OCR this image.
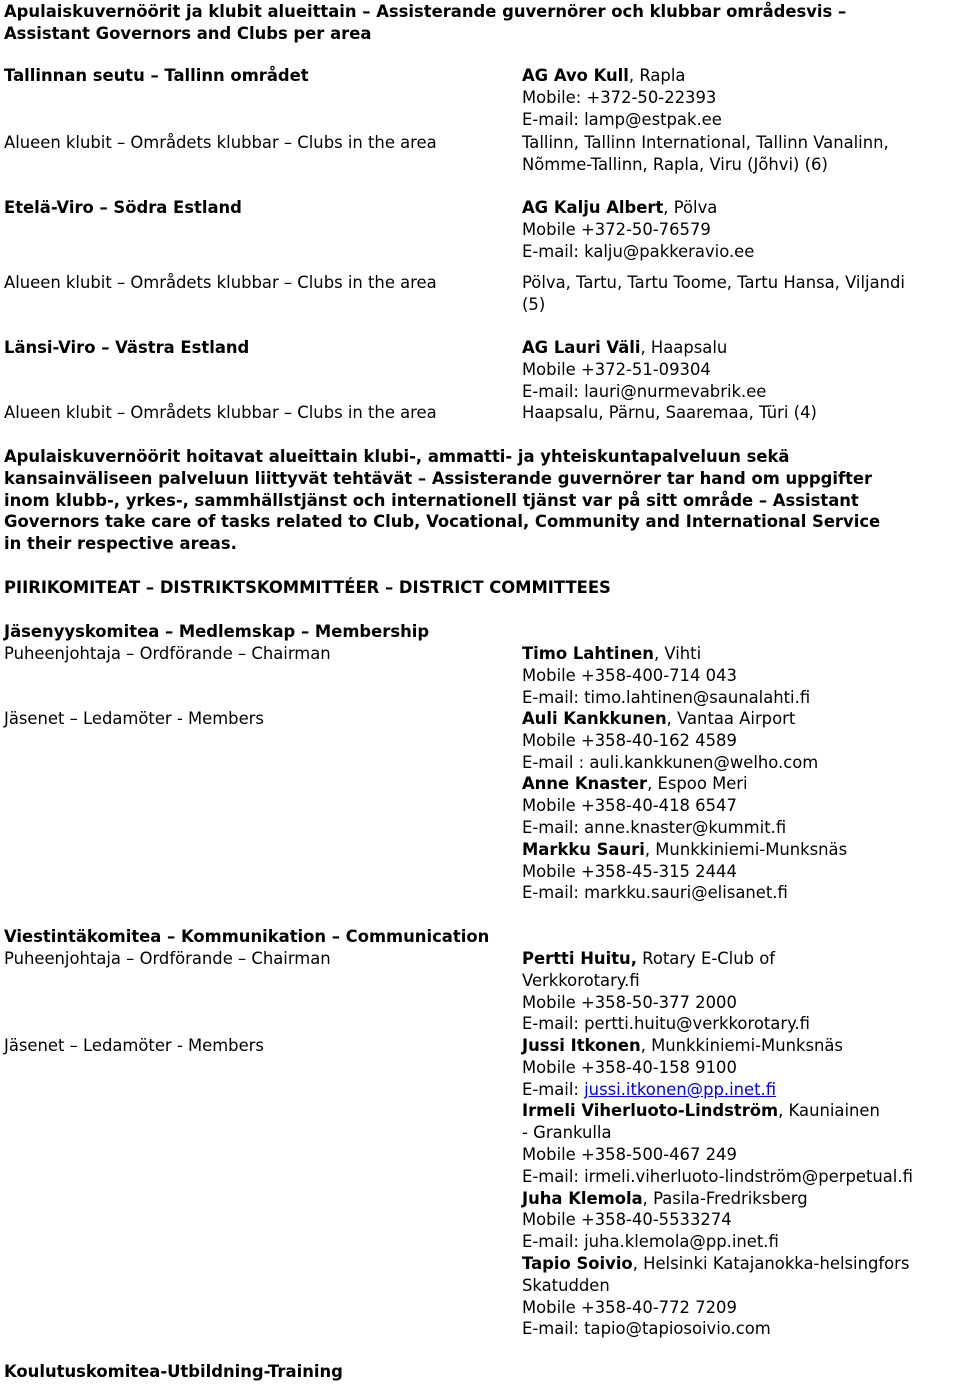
Apulaiskuvernöörit ja klubit alueittain – Assisterande guvernörer och klubbar områdesvis –
Assistant Governors and Clubs per area
Tallinnan seutu – Tallinn området	AG Avo Kull, Rapla
Mobile: +372-50-22393
E-mail: lamp@estpak.ee
Alueen klubit – Områdets klubbar – Clubs in the area	Tallinn, Tallinn International, Tallinn Vanalinn,
Nõmme-Tallinn, Rapla, Viru (Jõhvi) (6)
Etelä-Viro – Södra Estland	AG Kalju Albert, Pölva
Mobile +372-50-76579
E-mail: kalju@pakkeravio.ee
Alueen klubit – Områdets klubbar – Clubs in the area	Pölva, Tartu, Tartu Toome, Tartu Hansa, Viljandi
(5)
Länsi-Viro – Västra Estland	AG Lauri Väli, Haapsalu
Mobile +372-51-09304
E-mail: lauri@nurmevabrik.ee
Alueen klubit – Områdets klubbar – Clubs in the area	Haapsalu, Pärnu, Saaremaa, Türi (4)
Apulaiskuvernöörit hoitavat alueittain klubi-, ammatti- ja yhteiskuntapalveluun sekä
kansainväliseen palveluun liittyvät tehtävät – Assisterande guvernörer tar hand om uppgifter
inom klubb-, yrkes-, sammhällstjänst och internationell tjänst var på sitt område – Assistant
Governors take care of tasks related to Club, Vocational, Community and International Service
in their respective areas.
PIIRIKOMITEAT – DISTRIKTSKOMMITTÉER – DISTRICT COMMITTEES
Jäsenyyskomitea – Medlemskap – Membership
Puheenjohtaja – Ordförande – Chairman	Timo Lahtinen, Vihti
Mobile +358-400-714 043
E-mail: timo.lahtinen@saunalahti.fi
Jäsenet – Ledamöter - Members	Auli Kankkunen, Vantaa Airport
Mobile +358-40-162 4589
E-mail : auli.kankkunen@welho.com
Anne Knaster, Espoo Meri
Mobile +358-40-418 6547
E-mail: anne.knaster@kummit.fi
Markku Sauri, Munkkiniemi-Munksnäs
Mobile +358-45-315 2444
E-mail: markku.sauri@elisanet.fi
Viestintäkomitea – Kommunikation – Communication
Puheenjohtaja – Ordförande – Chairman	Pertti Huitu, Rotary E-Club of
Verkkorotary.fi
Mobile +358-50-377 2000
E-mail: pertti.huitu@verkkorotary.fi
Jäsenet – Ledamöter - Members	Jussi Itkonen, Munkkiniemi-Munksnäs
Mobile +358-40-158 9100
E-mail: jussi.itkonen@pp.inet.fi
Irmeli Viherluoto-Lindström, Kauniainen
- Grankulla
Mobile +358-500-467 249
E-mail: irmeli.viherluoto-lindström@perpetual.fi
Juha Klemola, Pasila-Fredriksberg
Mobile +358-40-5533274
E-mail: juha.klemola@pp.inet.fi
Tapio Soivio, Helsinki Katajanokka-helsingfors
Skatudden
Mobile +358-40-772 7209
E-mail: tapio@tapiosoivio.com
Koulutuskomitea-Utbildning-Training
